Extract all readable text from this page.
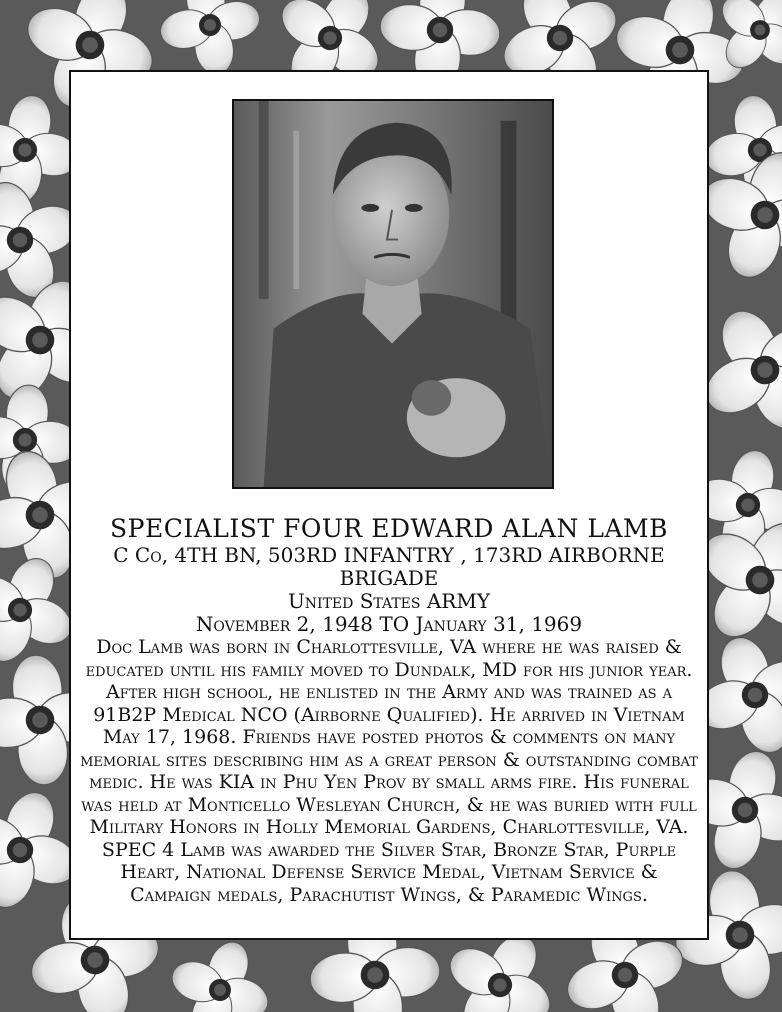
SPECIALIST FOUR EDWARD ALAN LAMB
C Co, 4TH BN, 503RD INFANTRY , 173RD AIRBORNE BRIGADE
United States ARMY
November 2, 1948 TO January 31, 1969

Doc Lamb was born in Charlottesville, VA where he was raised & educated until his family moved to Dundalk, MD for his junior year. After high school, he enlisted in the Army and was trained as a 91B2P Medical NCO (Airborne Qualified). He arrived in Vietnam May 17, 1968. Friends have posted photos & comments on many memorial sites describing him as a great person & outstanding combat medic. He was KIA in Phu Yen Prov by small arms fire. His funeral was held at Monticello Wesleyan Church, & he was buried with full Military Honors in Holly Memorial Gardens, Charlottesville, VA. SPEC 4 Lamb was awarded the Silver Star, Bronze Star, Purple Heart, National Defense Service Medal, Vietnam Service & Campaign medals, Parachutist Wings, & Paramedic Wings.
